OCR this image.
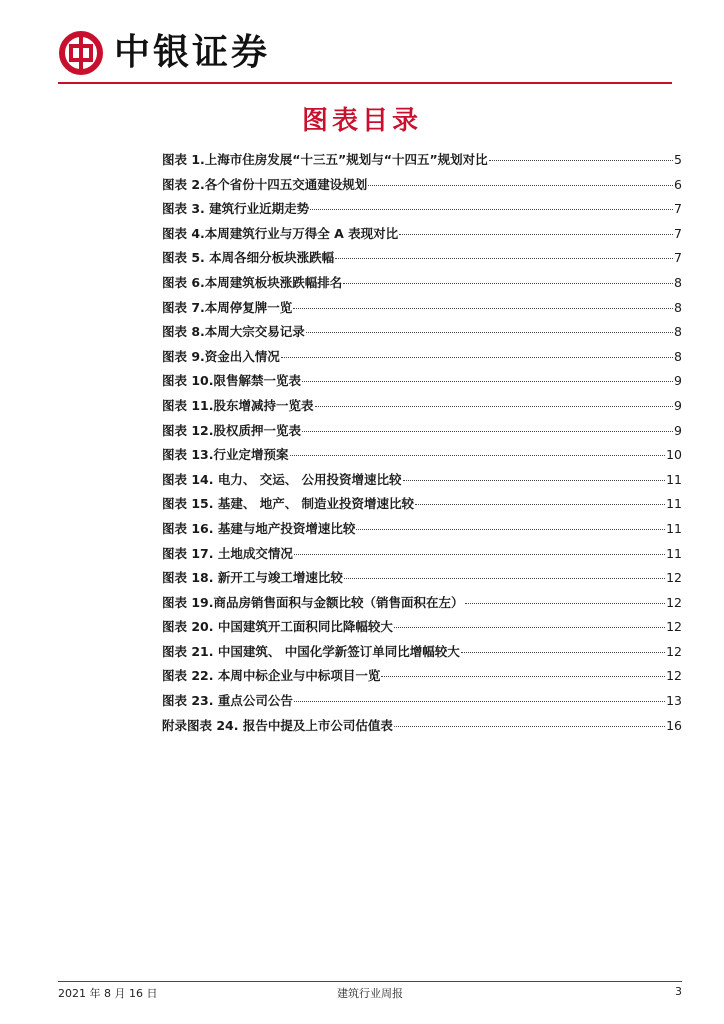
中银证券
图表目录
图表 1.上海市住房发展“十三五”规划与“十四五”规划对比	5
图表 2.各个省份十四五交通建设规划	6
图表 3. 建筑行业近期走势	7
图表 4.本周建筑行业与万得全 A 表现对比	7
图表 5. 本周各细分板块涨跌幅	7
图表 6.本周建筑板块涨跌幅排名	8
图表 7.本周停复牌一览	8
图表 8.本周大宗交易记录	8
图表 9.资金出入情况	8
图表 10.限售解禁一览表	9
图表 11.股东增减持一览表	9
图表 12.股权质押一览表	9
图表 13.行业定增预案	10
图表 14. 电力、 交运、 公用投资增速比较	11
图表 15. 基建、 地产、 制造业投资增速比较	11
图表 16. 基建与地产投资增速比较	11
图表 17. 土地成交情况	11
图表 18. 新开工与竣工增速比较	12
图表 19.商品房销售面积与金额比较（销售面积在左）	12
图表 20. 中国建筑开工面积同比降幅较大	12
图表 21. 中国建筑、 中国化学新签订单同比增幅较大	12
图表 22. 本周中标企业与中标项目一览	12
图表 23. 重点公司公告	13
附录图表 24. 报告中提及上市公司估值表	16
2021 年 8 月 16 日	建筑行业周报	3
